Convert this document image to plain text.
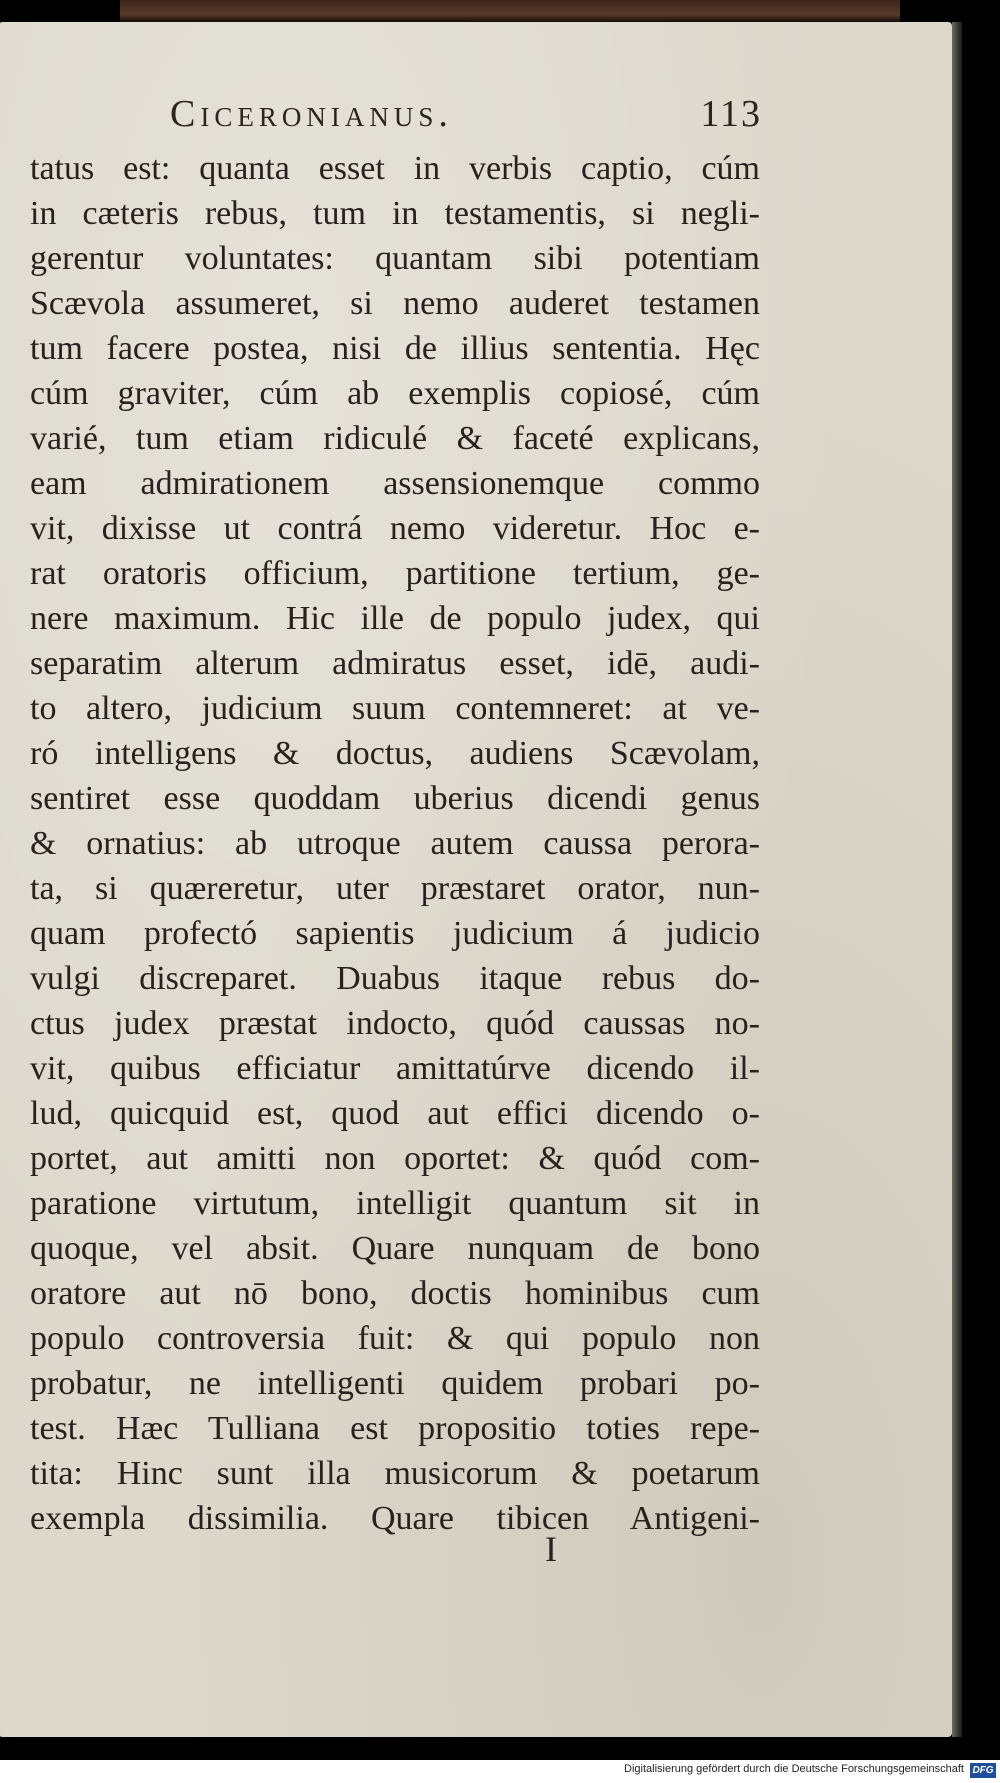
Ciceronianus.	113
tatus est: quanta esset in verbis captio, cúm
in cæteris rebus, tum in testamentis, si negli-
gerentur voluntates: quantam sibi potentiam
Scævola assumeret, si nemo auderet testamen
tum facere postea, nisi de illius sententia. Hęc
cúm graviter, cúm ab exemplis copiosé, cúm
varié, tum etiam ridiculé & faceté explicans,
eam admirationem assensionemque commo
vit, dixisse ut contrá nemo videretur. Hoc e-
rat oratoris officium, partitione tertium, ge-
nere maximum. Hic ille de populo judex, qui
separatim alterum admiratus esset, idē, audi-
to altero, judicium suum contemneret: at ve-
ró intelligens & doctus, audiens Scævolam,
sentiret esse quoddam uberius dicendi genus
& ornatius: ab utroque autem caussa perora-
ta, si quæreretur, uter præstaret orator, nun-
quam profectó sapientis judicium á judicio
vulgi discreparet. Duabus itaque rebus do-
ctus judex præstat indocto, quód caussas no-
vit, quibus efficiatur amittatúrve dicendo il-
lud, quicquid est, quod aut effici dicendo o-
portet, aut amitti non oportet: & quód com-
paratione virtutum, intelligit quantum sit in
quoque, vel absit. Quare nunquam de bono
oratore aut nō bono, doctis hominibus cum
populo controversia fuit: & qui populo non
probatur, ne intelligenti quidem probari po-
test. Hæc Tulliana est propositio toties repe-
tita: Hinc sunt illa musicorum & poetarum
exempla dissimilia. Quare tibicen Antigeni-
I
Digitalisierung gefördert durch die Deutsche Forschungsgemeinschaft DFG
